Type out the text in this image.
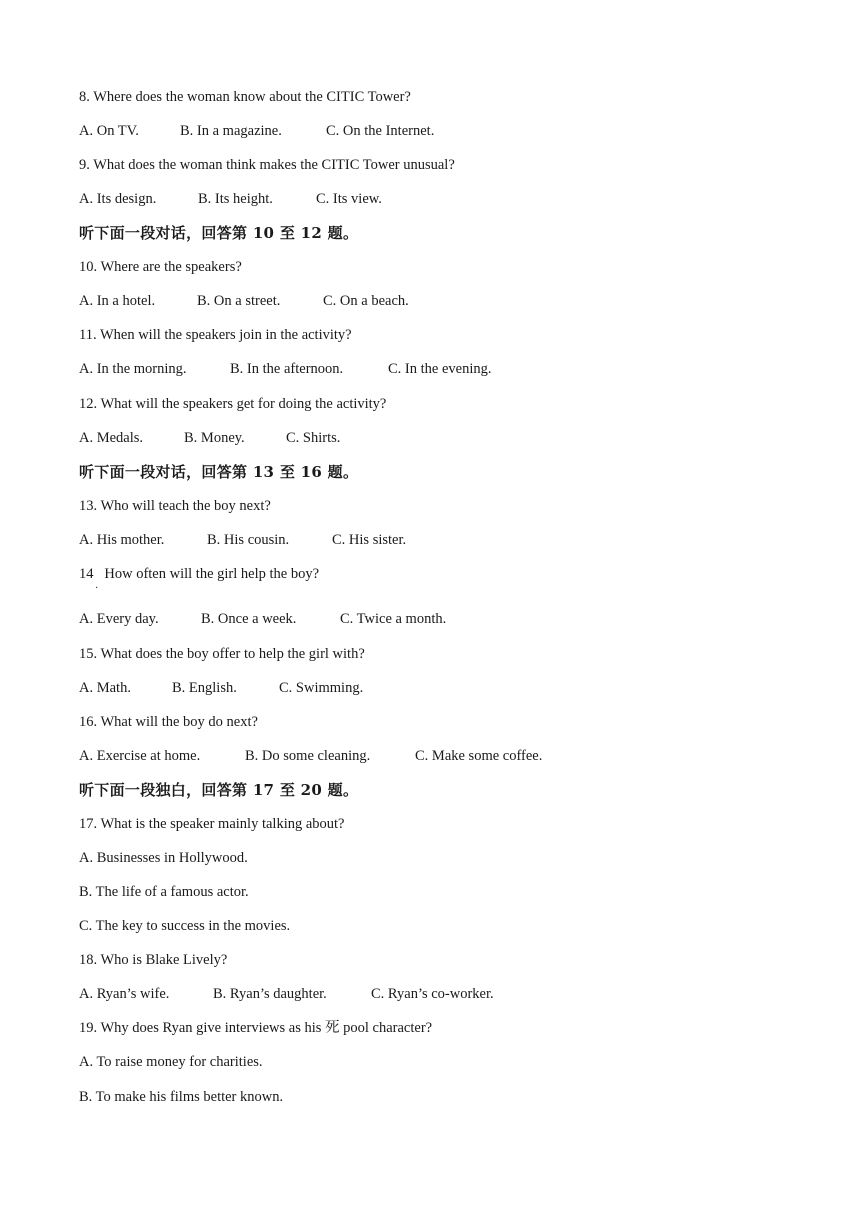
8. Where does the woman know about the CITIC Tower?
A. On TV.	B. In a magazine.	C. On the Internet.
9. What does the woman think makes the CITIC Tower unusual?
A. Its design.	B. Its height.	C. Its view.
听下面一段对话，回答第 10 至 12 题。
10. Where are the speakers?
A. In a hotel.	B. On a street.	C. On a beach.
11. When will the speakers join in the activity?
A. In the morning.	B. In the afternoon.	C. In the evening.
12. What will the speakers get for doing the activity?
A. Medals.	B. Money.	C. Shirts.
听下面一段对话，回答第 13 至 16 题。
13. Who will teach the boy next?
A. His mother.	B. His cousin.	C. His sister.
14   How often will the girl help the boy?
·
A. Every day.	B. Once a week.	C. Twice a month.
15. What does the boy offer to help the girl with?
A. Math.	B. English.	C. Swimming.
16. What will the boy do next?
A. Exercise at home.	B. Do some cleaning.	C. Make some coffee.
听下面一段独白，回答第 17 至 20 题。
17. What is the speaker mainly talking about?
A. Businesses in Hollywood.
B. The life of a famous actor.
C. The key to success in the movies.
18. Who is Blake Lively?
A. Ryan’s wife.	B. Ryan’s daughter.	C. Ryan’s co-worker.
19. Why does Ryan give interviews as his 死 pool character?
A. To raise money for charities.
B. To make his films better known.
